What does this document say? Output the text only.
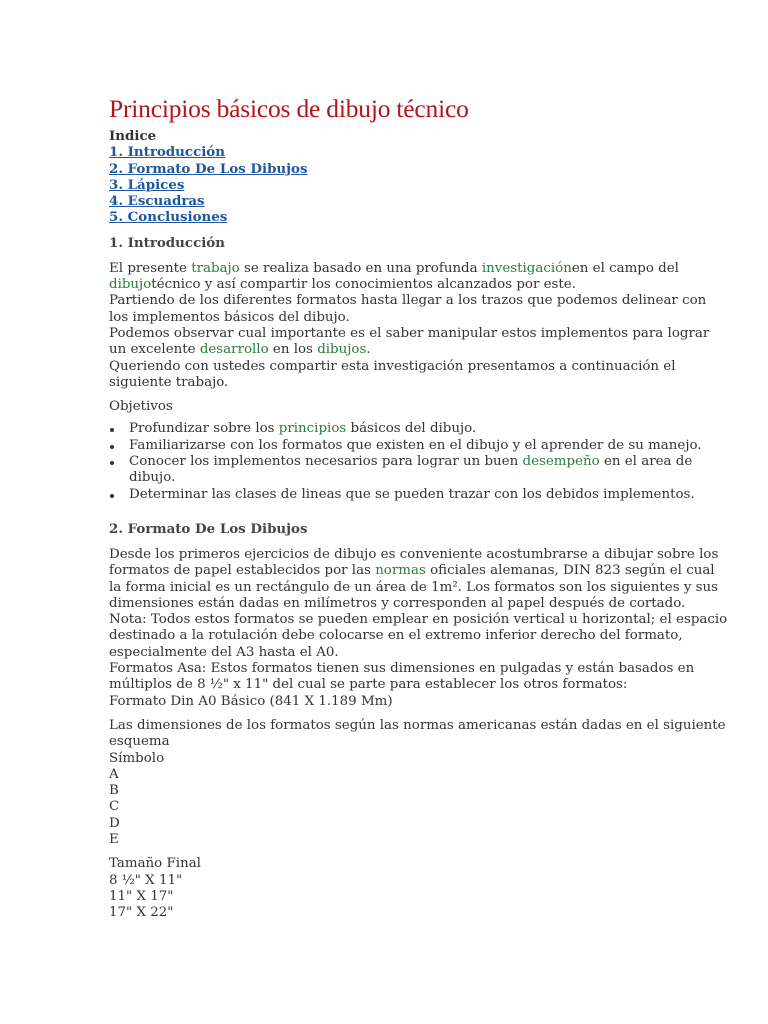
Principios básicos de dibujo técnico

Indice

1. Introducción
2. Formato De Los Dibujos
3. Lápices
4. Escuadras
5. Conclusiones
1. Introducción

El presente trabajo se realiza basado en una profunda investigaciónen el campo del dibujotécnico y así compartir los conocimientos alcanzados por este.

Partiendo de los diferentes formatos hasta llegar a los trazos que podemos delinear con los implementos básicos del dibujo.

Podemos observar cual importante es el saber manipular estos implementos para lograr un excelente desarrollo en los dibujos.

Queriendo con ustedes compartir esta investigación presentamos a continuación el siguiente trabajo.

Objetivos

Profundizar sobre los principios básicos del dibujo.
Familiarizarse con los formatos que existen en el dibujo y el aprender de su manejo.
Conocer los implementos necesarios para lograr un buen desempeño en el area de dibujo.
Determinar las clases de lineas que se pueden trazar con los debidos implementos.
2. Formato De Los Dibujos

Desde los primeros ejercicios de dibujo es conveniente acostumbrarse a dibujar sobre los formatos de papel establecidos por las normas oficiales alemanas, DIN 823 según el cual la forma inicial es un rectángulo de un área de 1m². Los formatos son los siguientes y sus dimensiones están dadas en milímetros y corresponden al papel después de cortado.

Nota: Todos estos formatos se pueden emplear en posición vertical u horizontal; el espacio destinado a la rotulación debe colocarse en el extremo inferior derecho del formato, especialmente del A3 hasta el A0.

Formatos Asa: Estos formatos tienen sus dimensiones en pulgadas y están basados en múltiplos de 8 ½" x 11" del cual se parte para establecer los otros formatos:

Formato Din A0 Básico (841 X 1.189 Mm)

Las dimensiones de los formatos según las normas americanas están dadas en el siguiente esquema

Símbolo
A
B
C
D
E
Tamaño Final
8 ½" X 11"
11" X 17"
17" X 22"
